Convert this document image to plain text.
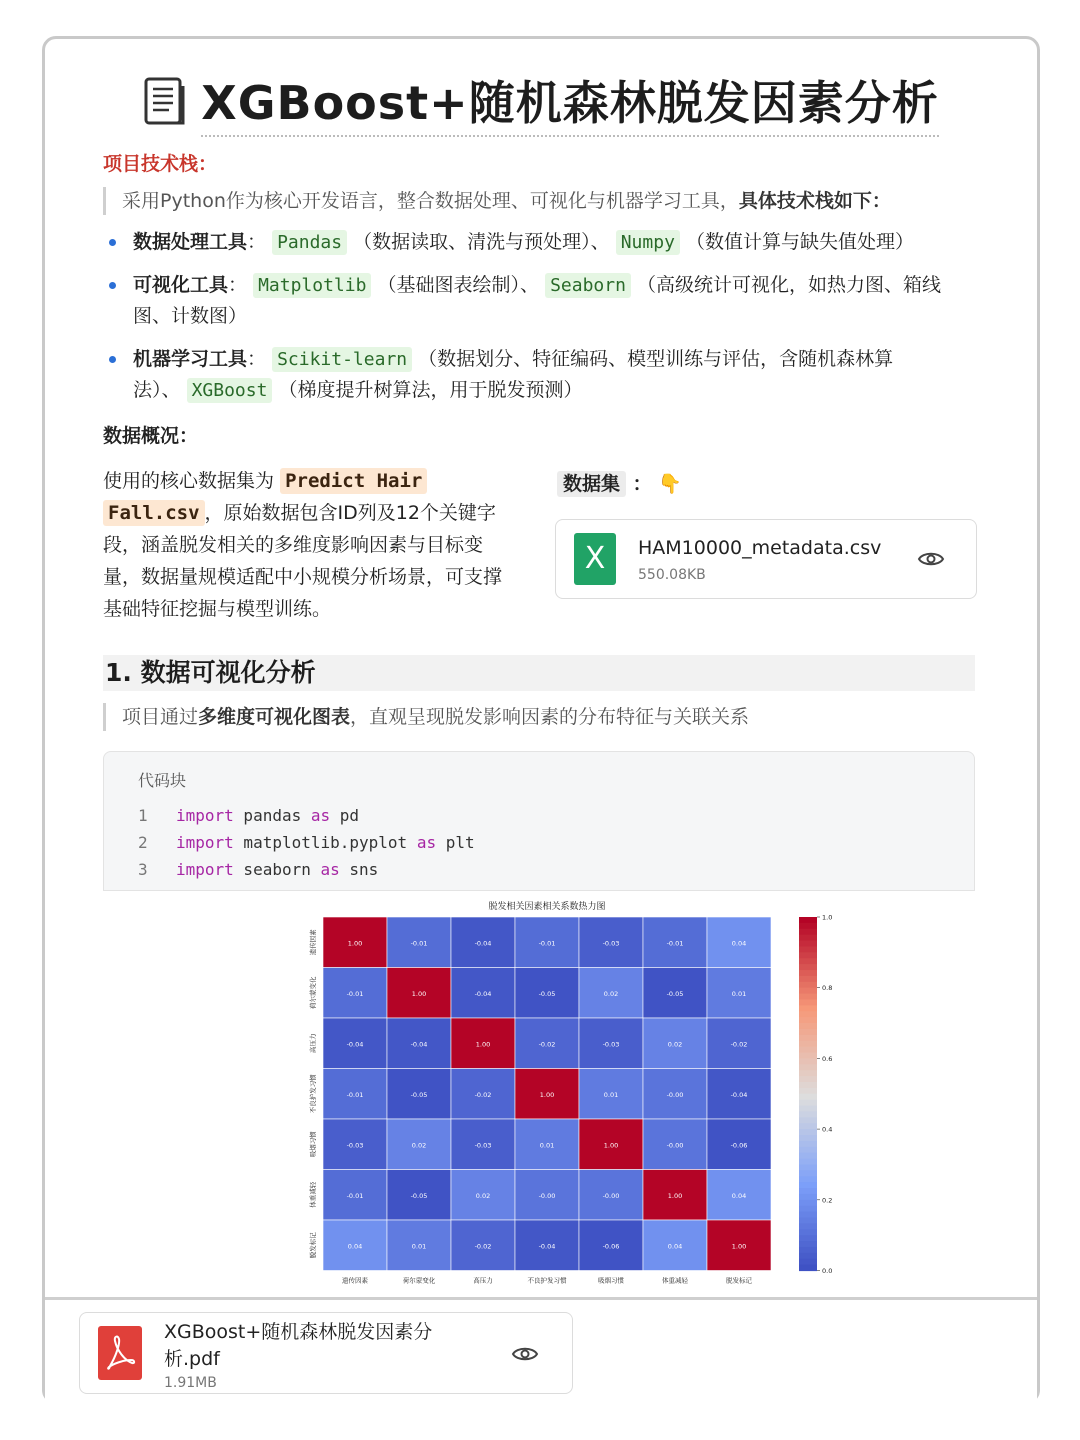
XGBoost+随机森林脱发因素分析
项目技术栈：
采用Python作为核心开发语言，整合数据处理、可视化与机器学习工具，具体技术栈如下：
数据处理工具： Pandas （数据读取、清洗与预处理）、 Numpy （数值计算与缺失值处理）
可视化工具： Matplotlib （基础图表绘制）、 Seaborn （高级统计可视化，如热力图、箱线
图、计数图）
机器学习工具： Scikit-learn （数据划分、特征编码、模型训练与评估，含随机森林算
法）、 XGBoost （梯度提升树算法，用于脱发预测）
数据概况：
使用的核心数据集为 Predict Hair
Fall.csv ，原始数据包含ID列及12个关键字
段，涵盖脱发相关的多维度影响因素与目标变
量，数据量规模适配中小规模分析场景，可支撑
基础特征挖掘与模型训练。
数据集 ： 👇
X	HAM10000_metadata.csv
550.08KB
1. 数据可视化分析
项目通过多维度可视化图表，直观呈现脱发影响因素的分布特征与关联关系
代码块
1 import pandas as pd
2 import matplotlib.pyplot as plt
3 import seaborn as sns
脱发相关因素相关系数热力图
1.00	-0.01	-0.04	-0.01	-0.03	-0.01	0.04
-0.01	1.00	-0.04	-0.05	0.02	-0.05	0.01
-0.04	-0.04	1.00	-0.02	-0.03	0.02	-0.02
-0.01	-0.05	-0.02	1.00	0.01	-0.00	-0.04
-0.03	0.02	-0.03	0.01	1.00	-0.00	-0.06
-0.01	-0.05	0.02	-0.00	-0.00	1.00	0.04
0.04	0.01	-0.02	-0.04	-0.06	0.04	1.00
遗传因素
荷尔蒙变化
高压力
不良护发习惯
吸烟习惯
体重减轻
脱发标记
遗传因素	荷尔蒙变化	高压力	不良护发习惯	吸烟习惯	体重减轻	脱发标记
1.0
0.8
0.6
0.4
0.2
0.0
XGBoost+随机森林脱发因素分
析.pdf
1.91MB
